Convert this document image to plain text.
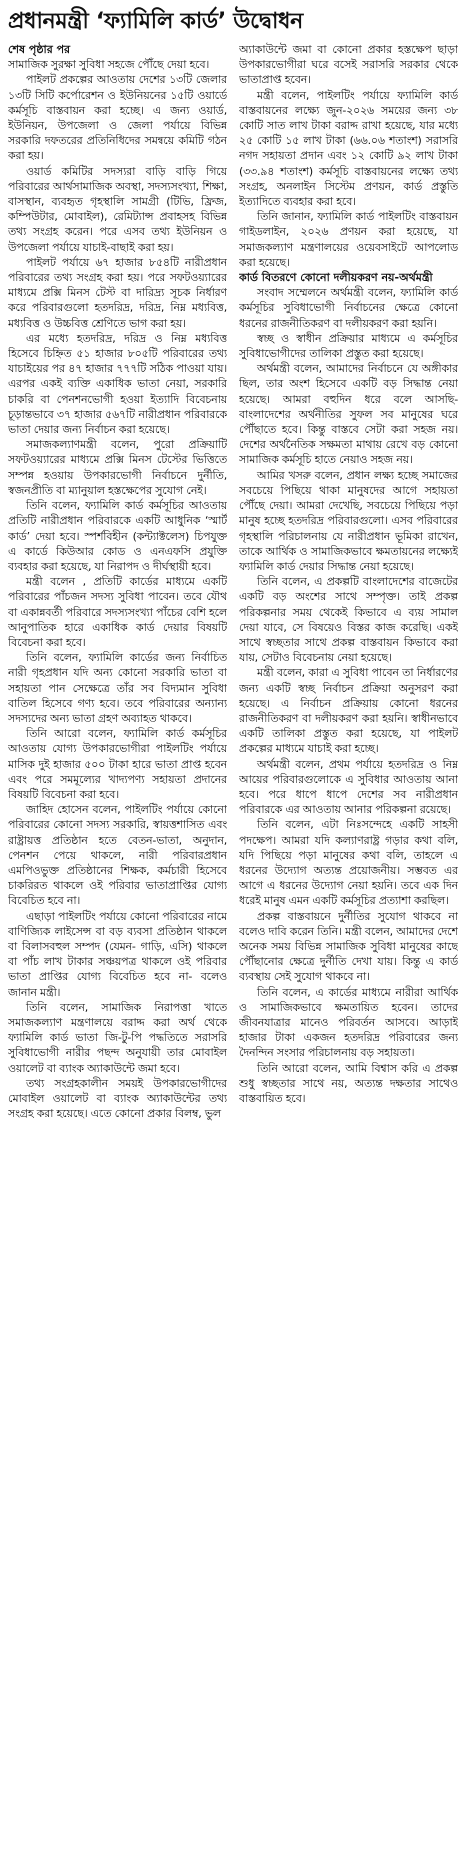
প্রধানমন্ত্রী ‘ফ্যামিলি কার্ড’ উদ্বোধন
শেষ পৃষ্ঠার পর

সামাজিক সুরক্ষা সুবিধা সহজে পৌঁছে দেয়া হবে।

পাইলট প্রকল্পের আওতায় দেশের ১৩টি জেলার ১৩টি সিটি কর্পোরেশন ও ইউনিয়নের ১৫টি ওয়ার্ডে কর্মসূচি বাস্তবায়ন করা হচ্ছে। এ জন্য ওয়ার্ড, ইউনিয়ন, উপজেলা ও জেলা পর্যায়ে বিভিন্ন সরকারি দফতরের প্রতিনিধিদের সমন্বয়ে কমিটি গঠন করা হয়।

ওয়ার্ড কমিটির সদস্যরা বাড়ি বাড়ি গিয়ে পরিবারের আর্থসামাজিক অবস্থা, সদস্যসংখ্যা, শিক্ষা, বাসস্থান, ব্যবহৃত গৃহস্থালি সামগ্রী (টিভি, ফ্রিজ, কম্পিউটার, মোবাইল), রেমিট্যান্স প্রবাহসহ বিভিন্ন তথ্য সংগ্রহ করেন। পরে এসব তথ্য ইউনিয়ন ও উপজেলা পর্যায়ে যাচাই-বাছাই করা হয়।

পাইলট পর্যায়ে ৬৭ হাজার ৮৫৪টি নারীপ্রধান পরিবারের তথ্য সংগ্রহ করা হয়। পরে সফটওয়্যারের মাধ্যমে প্রক্সি মিনস টেস্ট বা দারিদ্র্য সূচক নির্ধারণ করে পরিবারগুলো হতদরিদ্র, দরিদ্র, নিম্ন মধ্যবিত্ত, মধ্যবিত্ত ও উচ্চবিত্ত শ্রেণিতে ভাগ করা হয়।

এর মধ্যে হতদরিদ্র, দরিদ্র ও নিম্ন মধ্যবিত্ত হিসেবে চিহ্নিত ৫১ হাজার ৮০৫টি পরিবারের তথ্য যাচাইয়ের পর ৪৭ হাজার ৭৭৭টি সঠিক পাওয়া যায়। এরপর একই ব্যক্তি একাধিক ভাতা নেয়া, সরকারি চাকরি বা পেনশনভোগী হওয়া ইত্যাদি বিবেচনায় চূড়ান্তভাবে ৩৭ হাজার ৫৬৭টি নারীপ্রধান পরিবারকে ভাতা দেয়ার জন্য নির্বাচন করা হয়েছে।

সমাজকল্যাণমন্ত্রী বলেন, পুরো প্রক্রিয়াটি সফটওয়্যারের মাধ্যমে প্রক্সি মিনস টেস্টের ভিত্তিতে সম্পন্ন হওয়ায় উপকারভোগী নির্বাচনে দুর্নীতি, স্বজনপ্রীতি বা ম্যানুয়াল হস্তক্ষেপের সুযোগ নেই।

তিনি বলেন, ফ্যামিলি কার্ড কর্মসূচির আওতায় প্রতিটি নারীপ্রধান পরিবারকে একটি আধুনিক ‘স্মার্ট কার্ড’ দেয়া হবে। স্পর্শবিহীন (কন্ট্যাক্টলেস) চিপযুক্ত এ কার্ডে কিউআর কোড ও এনএফসি প্রযুক্তি ব্যবহার করা হয়েছে, যা নিরাপদ ও দীর্ঘস্থায়ী হবে।

মন্ত্রী বলেন , প্রতিটি কার্ডের মাধ্যমে একটি পরিবারের পাঁচজন সদস্য সুবিধা পাবেন। তবে যৌথ বা একান্নবর্তী পরিবারে সদস্যসংখ্যা পাঁচের বেশি হলে আনুপাতিক হারে একাধিক কার্ড দেয়ার বিষয়টি বিবেচনা করা হবে।

তিনি বলেন, ফ্যামিলি কার্ডের জন্য নির্বাচিত নারী গৃহপ্রধান যদি অন্য কোনো সরকারি ভাতা বা সহায়তা পান সেক্ষেত্রে তাঁর সব বিদ্যমান সুবিধা বাতিল হিসেবে গণ্য হবে। তবে পরিবারের অন্যান্য সদস্যদের অন্য ভাতা গ্রহণ অব্যাহত থাকবে।

তিনি আরো বলেন, ফ্যামিলি কার্ড কর্মসূচির আওতায় যোগ্য উপকারভোগীরা পাইলটিং পর্যায়ে মাসিক দুই হাজার ৫০০ টাকা হারে ভাতা প্রাপ্ত হবেন এবং পরে সমমূল্যের খাদ্যপণ্য সহায়তা প্রদানের বিষয়টি বিবেচনা করা হবে।

জাহিদ হোসেন বলেন, পাইলটিং পর্যায়ে কোনো পরিবারের কোনো সদস্য সরকারি, স্বায়ত্তশাসিত এবং রাষ্ট্রায়ত্ত প্রতিষ্ঠান হতে বেতন-ভাতা, অনুদান, পেনশন পেয়ে থাকলে, নারী পরিবারপ্রধান এমপিওভুক্ত প্রতিষ্ঠানের শিক্ষক, কর্মচারী হিসেবে চাকরিরত থাকলে ওই পরিবার ভাতাপ্রাপ্তির যোগ্য বিবেচিত হবে না।

এছাড়া পাইলটিং পর্যায়ে কোনো পরিবারের নামে বাণিজ্যিক লাইসেন্স বা বড় ব্যবসা প্রতিষ্ঠান থাকলে বা বিলাসবহুল সম্পদ (যেমন- গাড়ি, এসি) থাকলে বা পাঁচ লাখ টাকার সঞ্চয়পত্র থাকলে ওই পরিবার ভাতা প্রাপ্তির যোগ্য বিবেচিত হবে না- বলেও জানান মন্ত্রী।

তিনি বলেন, সামাজিক নিরাপত্তা খাতে সমাজকল্যাণ মন্ত্রণালয়ে বরাদ্দ করা অর্থ থেকে ফ্যামিলি কার্ড ভাতা জি-টু-পি পদ্ধতিতে সরাসরি সুবিধাভোগী নারীর পছন্দ অনুযায়ী তার মোবাইল ওয়ালেট বা ব্যাংক অ্যাকাউন্টে জমা হবে।

তথ্য সংগ্রহকালীন সময়ই উপকারভোগীদের মোবাইল ওয়ালেট বা ব্যাংক অ্যাকাউন্টের তথ্য সংগ্রহ করা হয়েছে। এতে কোনো প্রকার বিলম্ব, ভুল

অ্যাকাউন্টে জমা বা কোনো প্রকার হস্তক্ষেপ ছাড়া উপকারভোগীরা ঘরে বসেই সরাসরি সরকার থেকে ভাতাপ্রাপ্ত হবেন।

মন্ত্রী বলেন, পাইলটিং পর্যায়ে ফ্যামিলি কার্ড বাস্তবায়নের লক্ষ্যে জুন-২০২৬ সময়ের জন্য ৩৮ কোটি সাত লাখ টাকা বরাদ্দ রাখা হয়েছে, যার মধ্যে ২৫ কোটি ১৫ লাখ টাকা (৬৬.০৬ শতাংশ) সরাসরি নগদ সহায়তা প্রদান এবং ১২ কোটি ৯২ লাখ টাকা (৩৩.৯৪ শতাংশ) কর্মসূচি বাস্তবায়নের লক্ষ্যে তথ্য সংগ্রহ, অনলাইন সিস্টেম প্রণয়ন, কার্ড প্রস্তুতি ইত্যাদিতে ব্যবহার করা হবে।

তিনি জানান, ফ্যামিলি কার্ড পাইলটিং বাস্তবায়ন গাইডলাইন, ২০২৬ প্রণয়ন করা হয়েছে, যা সমাজকল্যাণ মন্ত্রণালয়ের ওয়েবসাইটে আপলোড করা হয়েছে।

কার্ড বিতরণে কোনো দলীয়করণ নয়-অর্থমন্ত্রী

সংবাদ সম্মেলনে অর্থমন্ত্রী বলেন, ফ্যামিলি কার্ড কর্মসূচির সুবিধাভোগী নির্বাচনের ক্ষেত্রে কোনো ধরনের রাজনীতিকরণ বা দলীয়করণ করা হয়নি।

স্বচ্ছ ও স্বাধীন প্রক্রিয়ার মাধ্যমে এ কর্মসূচির সুবিধাভোগীদের তালিকা প্রস্তুত করা হয়েছে।

অর্থমন্ত্রী বলেন, আমাদের নির্বাচনে যে অঙ্গীকার ছিল, তার অংশ হিসেবে একটি বড় সিদ্ধান্ত নেয়া হয়েছে। আমরা বহুদিন ধরে বলে আসছি- বাংলাদেশের অর্থনীতির সুফল সব মানুষের ঘরে পৌঁছাতে হবে। কিন্তু বাস্তবে সেটা করা সহজ নয়। দেশের অর্থনৈতিক সক্ষমতা মাথায় রেখে বড় কোনো সামাজিক কর্মসূচি হাতে নেয়াও সহজ নয়।

আমির খসরু বলেন, প্রধান লক্ষ্য হচ্ছে সমাজের সবচেয়ে পিছিয়ে থাকা মানুষদের আগে সহায়তা পৌঁছে দেয়া। আমরা দেখেছি, সবচেয়ে পিছিয়ে পড়া মানুষ হচ্ছে হতদরিদ্র পরিবারগুলো। এসব পরিবারের গৃহস্থালি পরিচালনায় যে নারীপ্রধান ভূমিকা রাখেন, তাকে আর্থিক ও সামাজিকভাবে ক্ষমতায়নের লক্ষ্যেই ফ্যামিলি কার্ড দেয়ার সিদ্ধান্ত নেয়া হয়েছে।

তিনি বলেন, এ প্রকল্পটি বাংলাদেশের বাজেটের একটি বড় অংশের সাথে সম্পৃক্ত। তাই প্রকল্প পরিকল্পনার সময় থেকেই কিভাবে এ ব্যয় সামাল দেয়া যাবে, সে বিষয়েও বিস্তর কাজ করেছি। একই সাথে স্বচ্ছতার সাথে প্রকল্প বাস্তবায়ন কিভাবে করা যায়, সেটাও বিবেচনায় নেয়া হয়েছে।

মন্ত্রী বলেন, কারা এ সুবিধা পাবেন তা নির্ধারণের জন্য একটি স্বচ্ছ নির্বাচন প্রক্রিয়া অনুসরণ করা হয়েছে। এ নির্বাচন প্রক্রিয়ায় কোনো ধরনের রাজনীতিকরণ বা দলীয়করণ করা হয়নি। স্বাধীনভাবে একটি তালিকা প্রস্তুত করা হয়েছে, যা পাইলট প্রকল্পের মাধ্যমে যাচাই করা হচ্ছে।

অর্থমন্ত্রী বলেন, প্রথম পর্যায়ে হতদরিদ্র ও নিম্ন আয়ের পরিবারগুলোকে এ সুবিধার আওতায় আনা হবে। পরে ধাপে ধাপে দেশের সব নারীপ্রধান পরিবারকে এর আওতায় আনার পরিকল্পনা রয়েছে।

তিনি বলেন, এটা নিঃসন্দেহে একটি সাহসী পদক্ষেপ। আমরা যদি কল্যাণরাষ্ট্র গড়ার কথা বলি, যদি পিছিয়ে পড়া মানুষের কথা বলি, তাহলে এ ধরনের উদ্যোগ অত্যন্ত প্রয়োজনীয়। সম্ভবত এর আগে এ ধরনের উদ্যোগ নেয়া হয়নি। তবে এক দিন ধরেই মানুষ এমন একটি কর্মসূচির প্রত্যাশা করছিল।

প্রকল্প বাস্তবায়নে দুর্নীতির সুযোগ থাকবে না বলেও দাবি করেন তিনি। মন্ত্রী বলেন, আমাদের দেশে অনেক সময় বিভিন্ন সামাজিক সুবিধা মানুষের কাছে পৌঁছানোর ক্ষেত্রে দুর্নীতি দেখা যায়। কিন্তু এ কার্ড ব্যবস্থায় সেই সুযোগ থাকবে না।

তিনি বলেন, এ কার্ডের মাধ্যমে নারীরা আর্থিক ও সামাজিকভাবে ক্ষমতায়িত হবেন। তাদের জীবনযাত্রার মানেও পরিবর্তন আসবে। আড়াই হাজার টাকা একজন হতদরিদ্র পরিবারের জন্য দৈনন্দিন সংসার পরিচালনায় বড় সহায়তা।

তিনি আরো বলেন, আমি বিশ্বাস করি এ প্রকল্প শুধু স্বচ্ছতার সাথে নয়, অত্যন্ত দক্ষতার সাথেও বাস্তবায়িত হবে।
